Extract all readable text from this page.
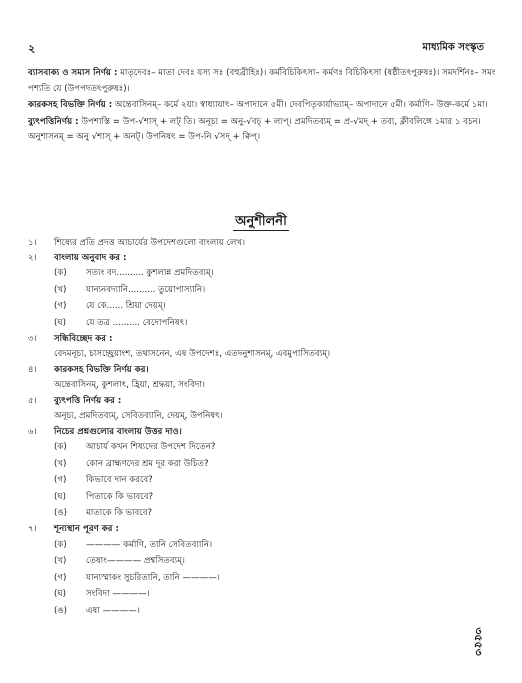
২	মাধ্যমিক সংস্কৃত

ব্যাসবাক্য ও সমাস নির্ণয় : মাতৃদেবঃ– মাতা দেবঃ যস্য সঃ (বহুব্রীহিঃ)। কর্মবিচিকিৎসা– কর্মণঃ বিচিকিৎসা (ষষ্ঠীতৎপুরুষঃ)। সমদর্শিনঃ– সমং পশ্যতি যে (উপপদতৎপুরুষঃ)।

কারকসহ বিভক্তি নির্ণয় : অন্তেবাসিনম্– কর্মে ২য়া। স্বাধ্যায়াৎ– অপাদানে ৫মী। দেবপিতৃকার্যাভ্যাম্– অপাদানে ৫মী। কর্মাণি– উক্ত-কর্মে ১মা।

ব্যুৎপত্তিনির্ণয় : উপশাস্তি = উপ-√শাস্ + লট্ তি। অনূচ্য = অনু-√বচ্ + ল্যপ্। প্রমদিতব্যম্ = প্র-√মদ্ + তব্য, ক্লীবলিঙ্গে ১মার ১ বচন। অনুশাসনম্ = অনু √শাস্ + অনট্। উপনিষৎ = উপ-নি √সদ্ + ক্বিপ্।

অনুশীলনী
১।	শিষ্যের প্রতি প্রদত্ত আচার্যের উপদেশগুলো বাংলায় লেখ।
২।	বাংলায় অনুবাদ কর :
(ক)	সত্যং বদ.......... কুশলান্ন প্রমদিতব্যম্।
(খ)	যান্যনবদ্যানি.......... তুয়োপাস্যানি।
(গ)	যে কে...... শ্রিয়া দেয়ম্।
(ঘ)	যে তত্র .......... বেদোপনিষৎ।
৩।	সন্ধিবিচ্ছেদ কর :
বেদমনূচ্য, চাসচ্ছ্রেয়াংশ, তথাসনেন, এষ উপদেশঃ, এতদনুশাসনম্, এবমুপাসিতব্যম্।
৪।	কারকসহ বিভক্তি নির্ণয় কর।
অন্তেবাসিনম্, কুশলাৎ, হ্রিয়া, শ্রদ্ধয়া, সংবিদা।
৫।	ব্যুৎপত্তি নির্ণয় কর :
অনূচ্য, প্রমদিতব্যম্, সেবিতব্যানি, দেয়ম্, উপনিষৎ।
৬।	নিচের প্রশ্নগুলোর বাংলায় উত্তর দাও।
(ক)	আচার্য কখন শিষ্যদের উপদেশ দিতেন?
(খ)	কোন ব্রাহ্মণদের শ্রম দূর করা উচিত?
(গ)	কিভাবে দান করবে?
(ঘ)	পিতাকে কি ভাববে?
(ঙ)	মাতাকে কি ভাববে?
৭।	শূন্যস্থান পূরণ কর :
(ক)	———— কর্মাণি, তানি সেবিতব্যানি।
(খ)	তেষাং———— প্রশ্বসিতব্যম্।
(গ)	যান্যস্মাকং সুচরিতানি, তানি ————।
(ঘ)	সংবিদা ————।
(ঙ)	এষা ————।
৩৫৫৩
